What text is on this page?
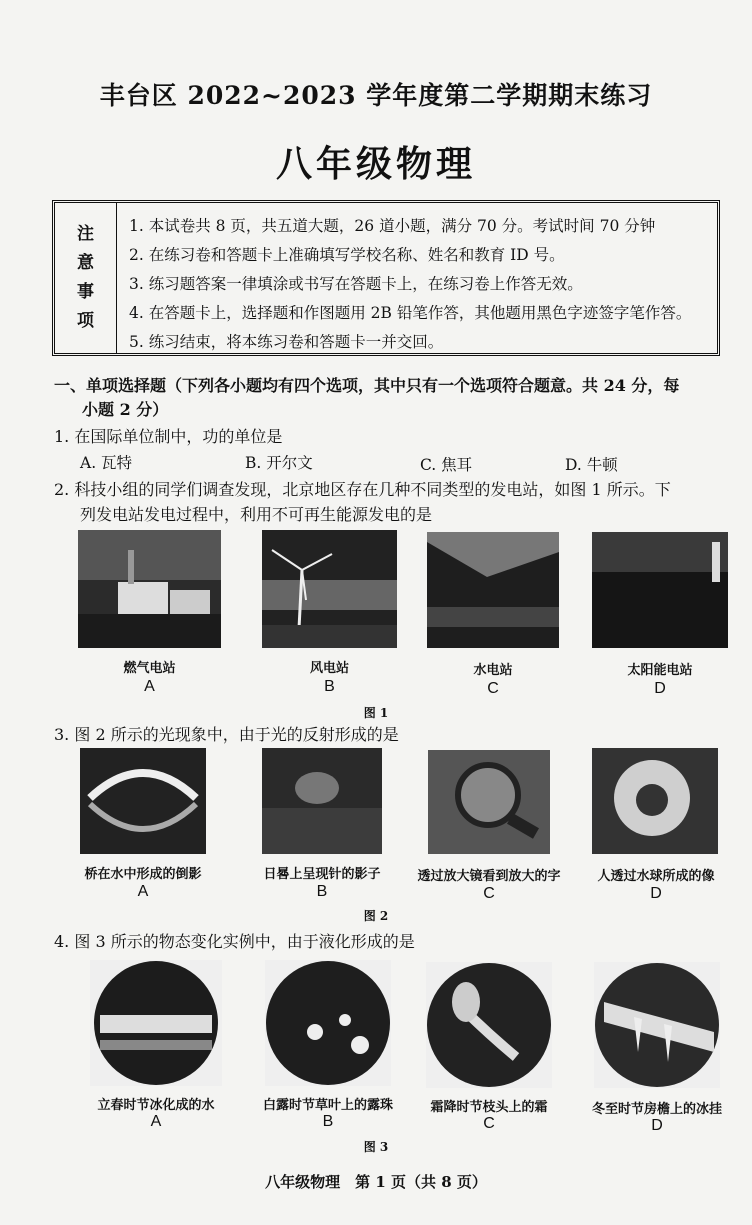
丰台区 2022~2023 学年度第二学期期末练习
八年级物理
注
意
事
项
1. 本试卷共 8 页，共五道大题，26 道小题，满分 70 分。考试时间 70 分钟
2. 在练习卷和答题卡上准确填写学校名称、姓名和教育 ID 号。
3. 练习题答案一律填涂或书写在答题卡上，在练习卷上作答无效。
4. 在答题卡上，选择题和作图题用 2B 铅笔作答，其他题用黑色字迹签字笔作答。
5. 练习结束，将本练习卷和答题卡一并交回。
一、单项选择题（下列各小题均有四个选项，其中只有一个选项符合题意。共 24 分，每
小题 2 分）
1. 在国际单位制中，功的单位是
A. 瓦特	B. 开尔文	C. 焦耳	D. 牛顿
2. 科技小组的同学们调查发现，北京地区存在几种不同类型的发电站，如图 1 所示。下
列发电站发电过程中，利用不可再生能源发电的是
燃气电站	风电站	水电站	太阳能电站
A	B	C	D
图 1
3. 图 2 所示的光现象中，由于光的反射形成的是
桥在水中形成的倒影	日晷上呈现针的影子	透过放大镜看到放大的字	人透过水球所成的像
A	B	C	D
图 2
4. 图 3 所示的物态变化实例中，由于液化形成的是
立春时节冰化成的水	白露时节草叶上的露珠	霜降时节枝头上的霜	冬至时节房檐上的冰挂
A	B	C	D
图 3
八年级物理　第 1 页（共 8 页）
